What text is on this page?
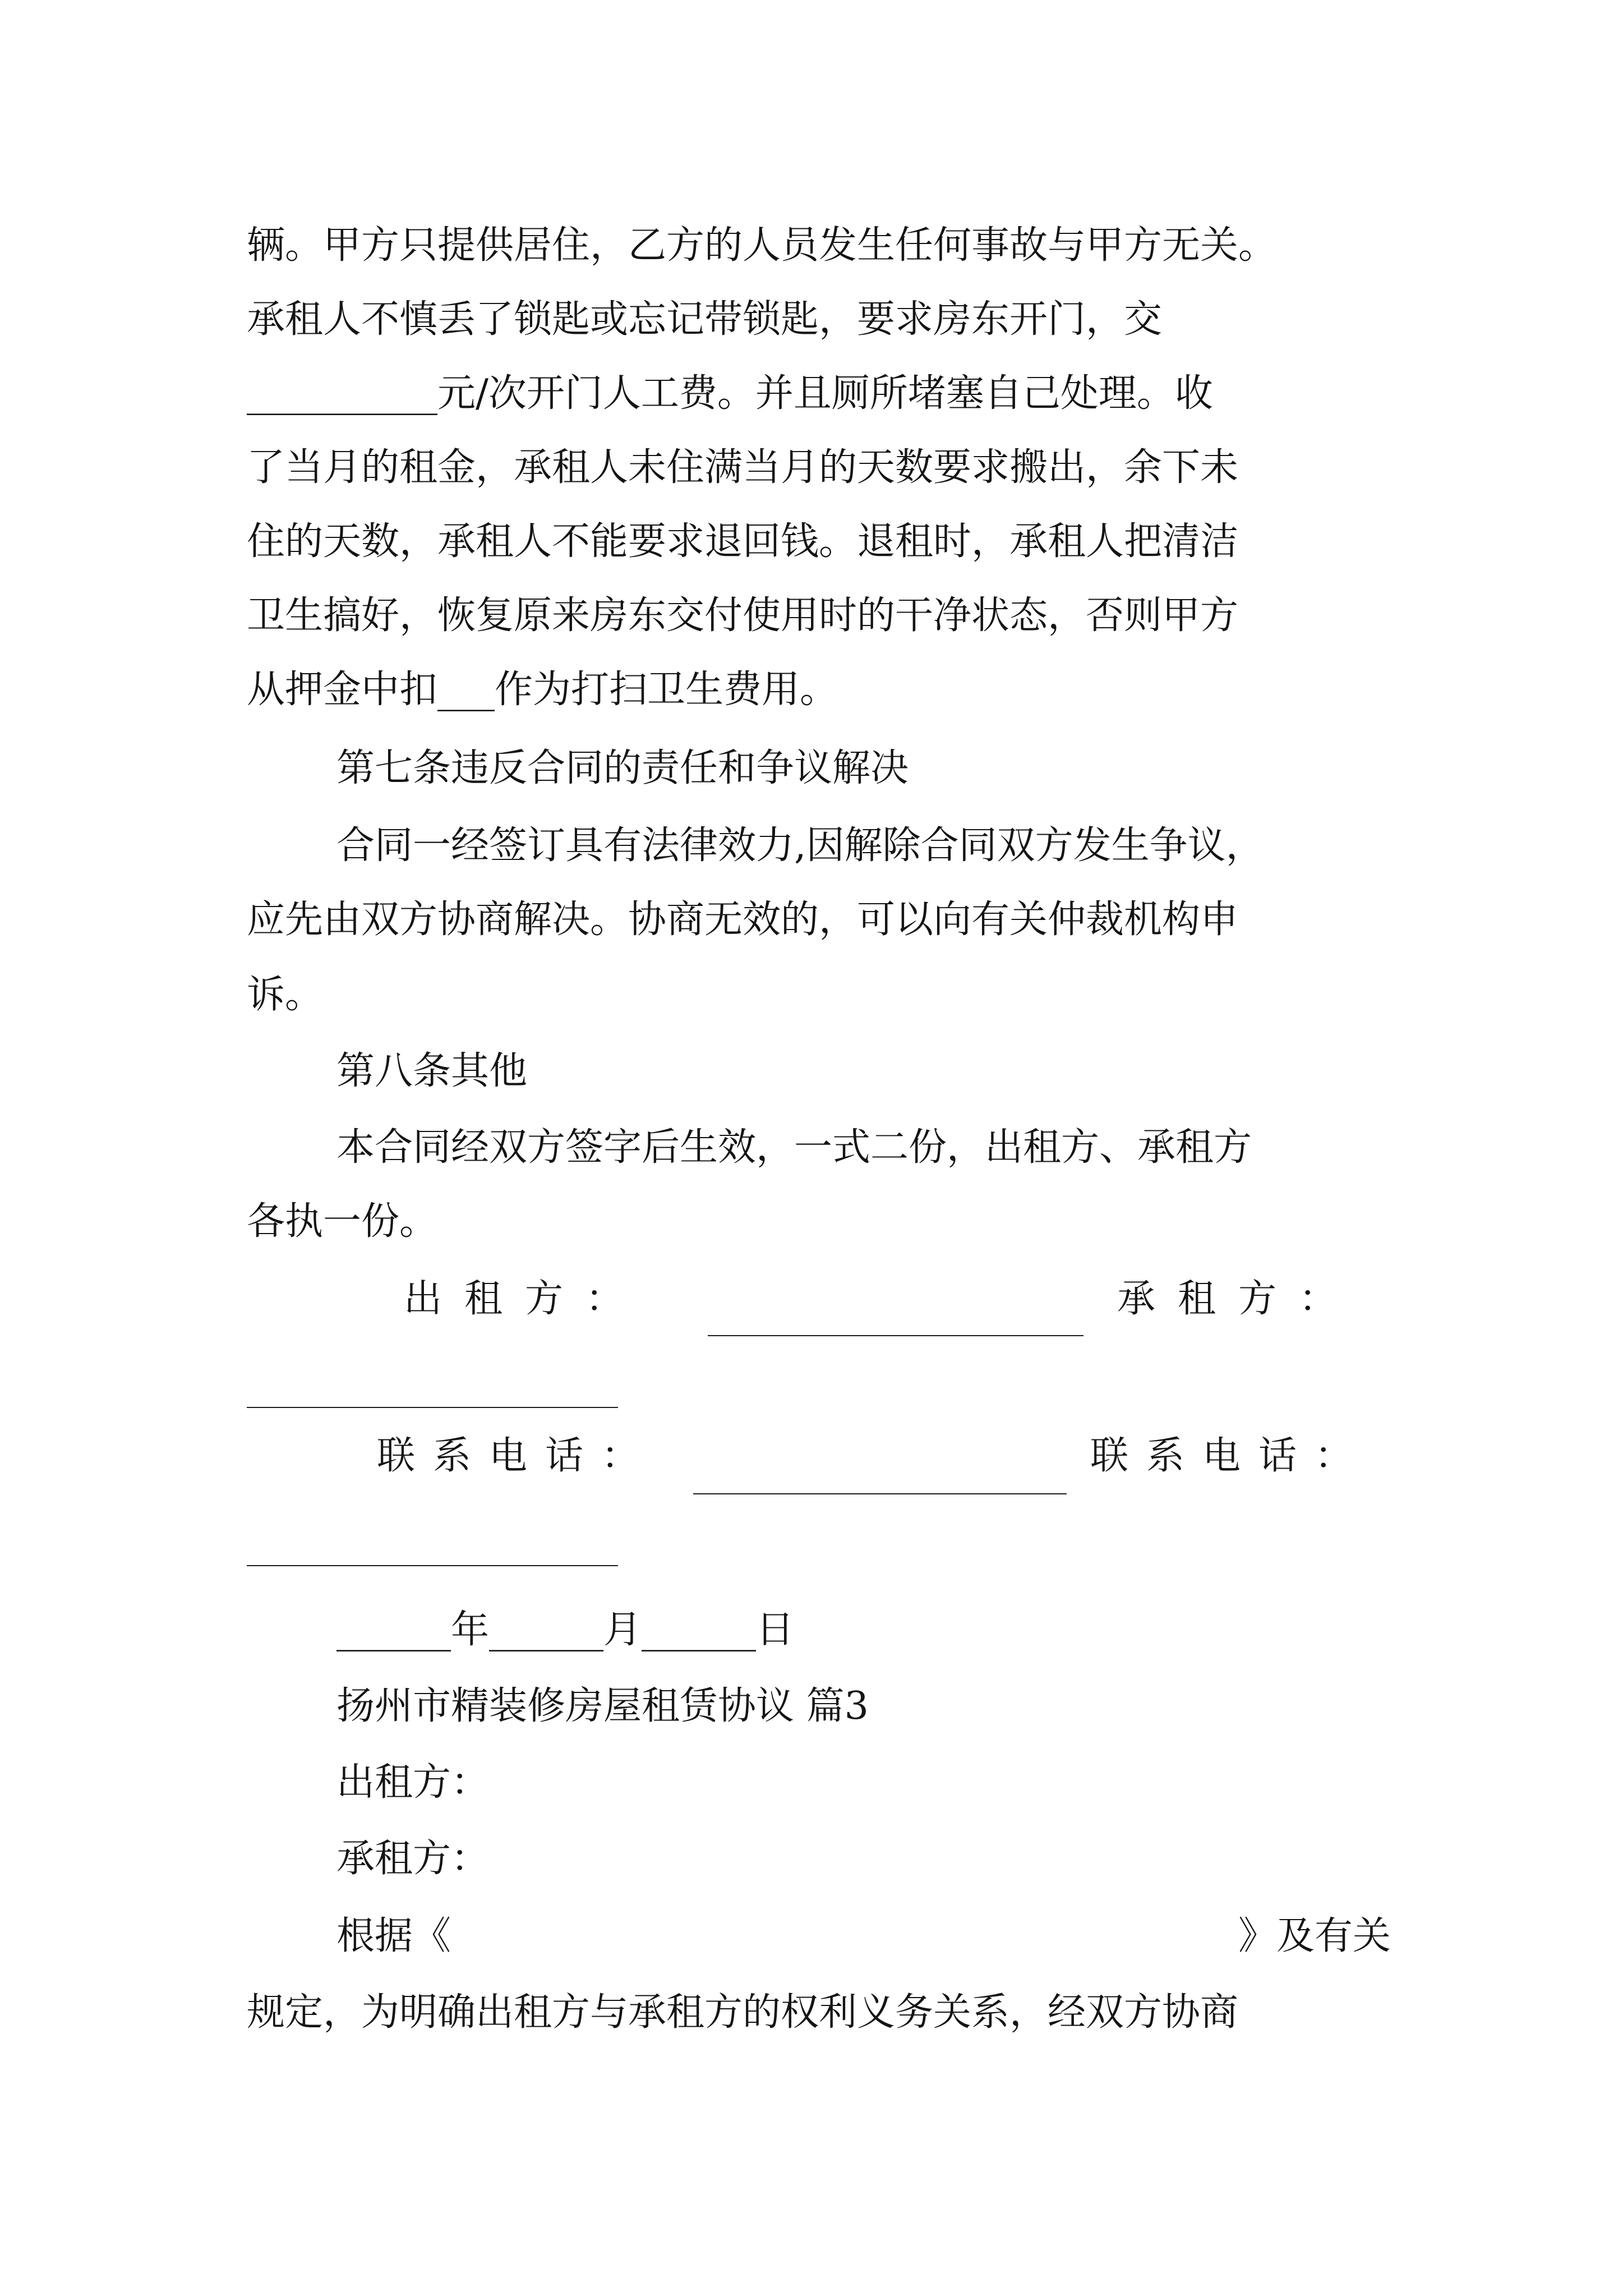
辆。甲方只提供居住，乙方的人员发生任何事故与甲方无关。
承租人不慎丢了锁匙或忘记带锁匙，要求房东开门，交
__________元/次开门人工费。并且厕所堵塞自己处理。收
了当月的租金，承租人未住满当月的天数要求搬出，余下未
住的天数，承租人不能要求退回钱。退租时，承租人把清洁
卫生搞好，恢复原来房东交付使用时的干净状态，否则甲方
从押金中扣___作为打扫卫生费用。
第七条违反合同的责任和争议解决
合同一经签订具有法律效力,因解除合同双方发生争议，
应先由双方协商解决。协商无效的，可以向有关仲裁机构申
诉。
第八条其他
本合同经双方签字后生效，一式二份，出租方、承租方
各执一份。
出租方：	承租方：
联系电话：	联系电话：
______年______月______日
扬州市精装修房屋租赁协议 篇3
出租方：
承租方：
根据《	》及有关
规定，为明确出租方与承租方的权利义务关系，经双方协商
